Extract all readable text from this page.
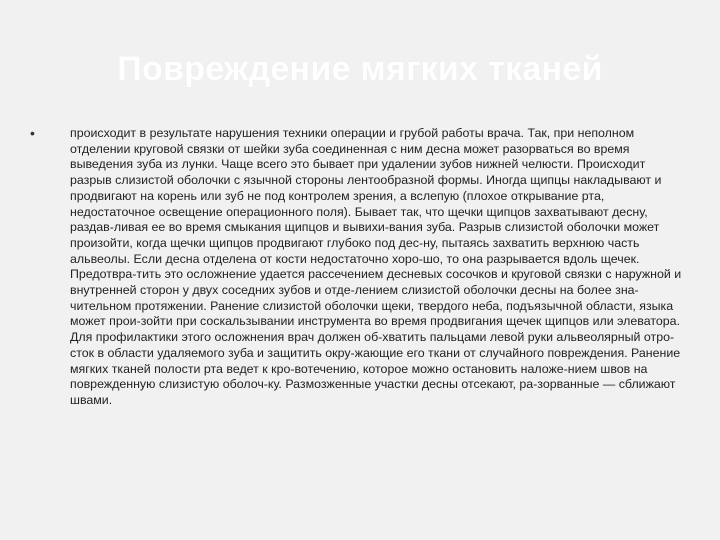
Повреждение мягких тканей
•	происходит в результате нарушения техники операции и грубой работы врача. Так, при неполном отделении круговой связки от шейки зуба соединенная с ним десна может разорваться во время выведения зуба из лунки. Чаще всего это бывает при удалении зубов нижней челюсти. Происходит разрыв слизистой оболочки с язычной стороны лентообразной формы. Иногда щипцы накладывают и продвигают на корень или зуб не под контролем зрения, а вслепую (плохое открывание рта, недостаточное освещение операционного поля). Бывает так, что щечки щипцов захватывают десну, раздав-ливая ее во время смыкания щипцов и вывихи-вания зуба. Разрыв слизистой оболочки может произойти, когда щечки щипцов продвигают глубоко под дес-ну, пытаясь захватить верхнюю часть альвеолы. Если десна отделена от кости недостаточно хоро-шо, то она разрывается вдоль щечек. Предотвра-тить это осложнение удается рассечением десневых сосочков и круговой связки с наружной и внутренней сторон у двух соседних зубов и отде-лением слизистой оболочки десны на более зна-чительном протяжении. Ранение слизистой оболочки щеки, твердого неба, подъязычной области, языка может прои-зойти при соскальзывании инструмента во время продвигания щечек щипцов или элеватора. Для профилактики этого осложнения врач должен об-хватить пальцами левой руки альвеолярный отро-сток в области удаляемого зуба и защитить окру-жающие его ткани от случайного повреждения. Ранение мягких тканей полости рта ведет к кро-вотечению, которое можно остановить наложе-нием швов на поврежденную слизистую оболоч-ку. Размозженные участки десны отсекают, ра-зорванные — сближают швами.
